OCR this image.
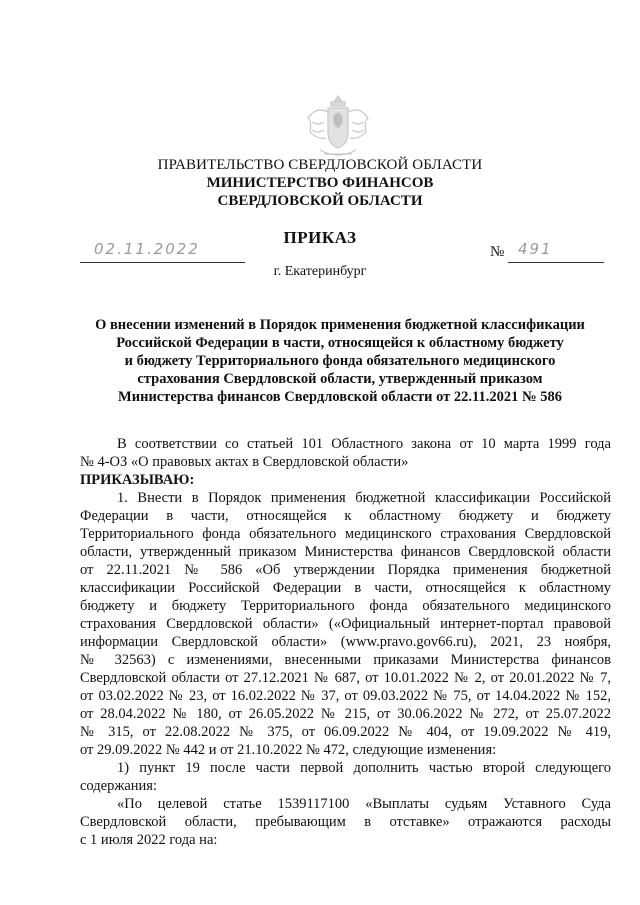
ПРАВИТЕЛЬСТВО СВЕРДЛОВСКОЙ ОБЛАСТИ
МИНИСТЕРСТВО ФИНАНСОВ
СВЕРДЛОВСКОЙ ОБЛАСТИ
ПРИКАЗ
02.11.2022	№ 491
г. Екатеринбург
О внесении изменений в Порядок применения бюджетной классификации
Российской Федерации в части, относящейся к областному бюджету
и бюджету Территориального фонда обязательного медицинского
страхования Свердловской области, утвержденный приказом
Министерства финансов Свердловской области от 22.11.2021 № 586
В соответствии со статьей 101 Областного закона от 10 марта 1999 года
№ 4-ОЗ «О правовых актах в Свердловской области»
ПРИКАЗЫВАЮ:
1. Внести в Порядок применения бюджетной классификации Российской
Федерации в части, относящейся к областному бюджету и бюджету
Территориального фонда обязательного медицинского страхования Свердловской
области, утвержденный приказом Министерства финансов Свердловской области
от 22.11.2021 № 586 «Об утверждении Порядка применения бюджетной
классификации Российской Федерации в части, относящейся к областному
бюджету и бюджету Территориального фонда обязательного медицинского
страхования Свердловской области» («Официальный интернет-портал правовой
информации Свердловской области» (www.pravo.gov66.ru), 2021, 23 ноября,
№ 32563) с изменениями, внесенными приказами Министерства финансов
Свердловской области от 27.12.2021 № 687, от 10.01.2022 № 2, от 20.01.2022 № 7,
от 03.02.2022 № 23, от 16.02.2022 № 37, от 09.03.2022 № 75, от 14.04.2022 № 152,
от 28.04.2022 № 180, от 26.05.2022 № 215, от 30.06.2022 № 272, от 25.07.2022
№ 315, от 22.08.2022 № 375, от 06.09.2022 № 404, от 19.09.2022 № 419,
от 29.09.2022 № 442 и от 21.10.2022 № 472, следующие изменения:
1) пункт 19 после части первой дополнить частью второй следующего
содержания:
«По целевой статье 1539117100 «Выплаты судьям Уставного Суда
Свердловской области, пребывающим в отставке» отражаются расходы
с 1 июля 2022 года на:
